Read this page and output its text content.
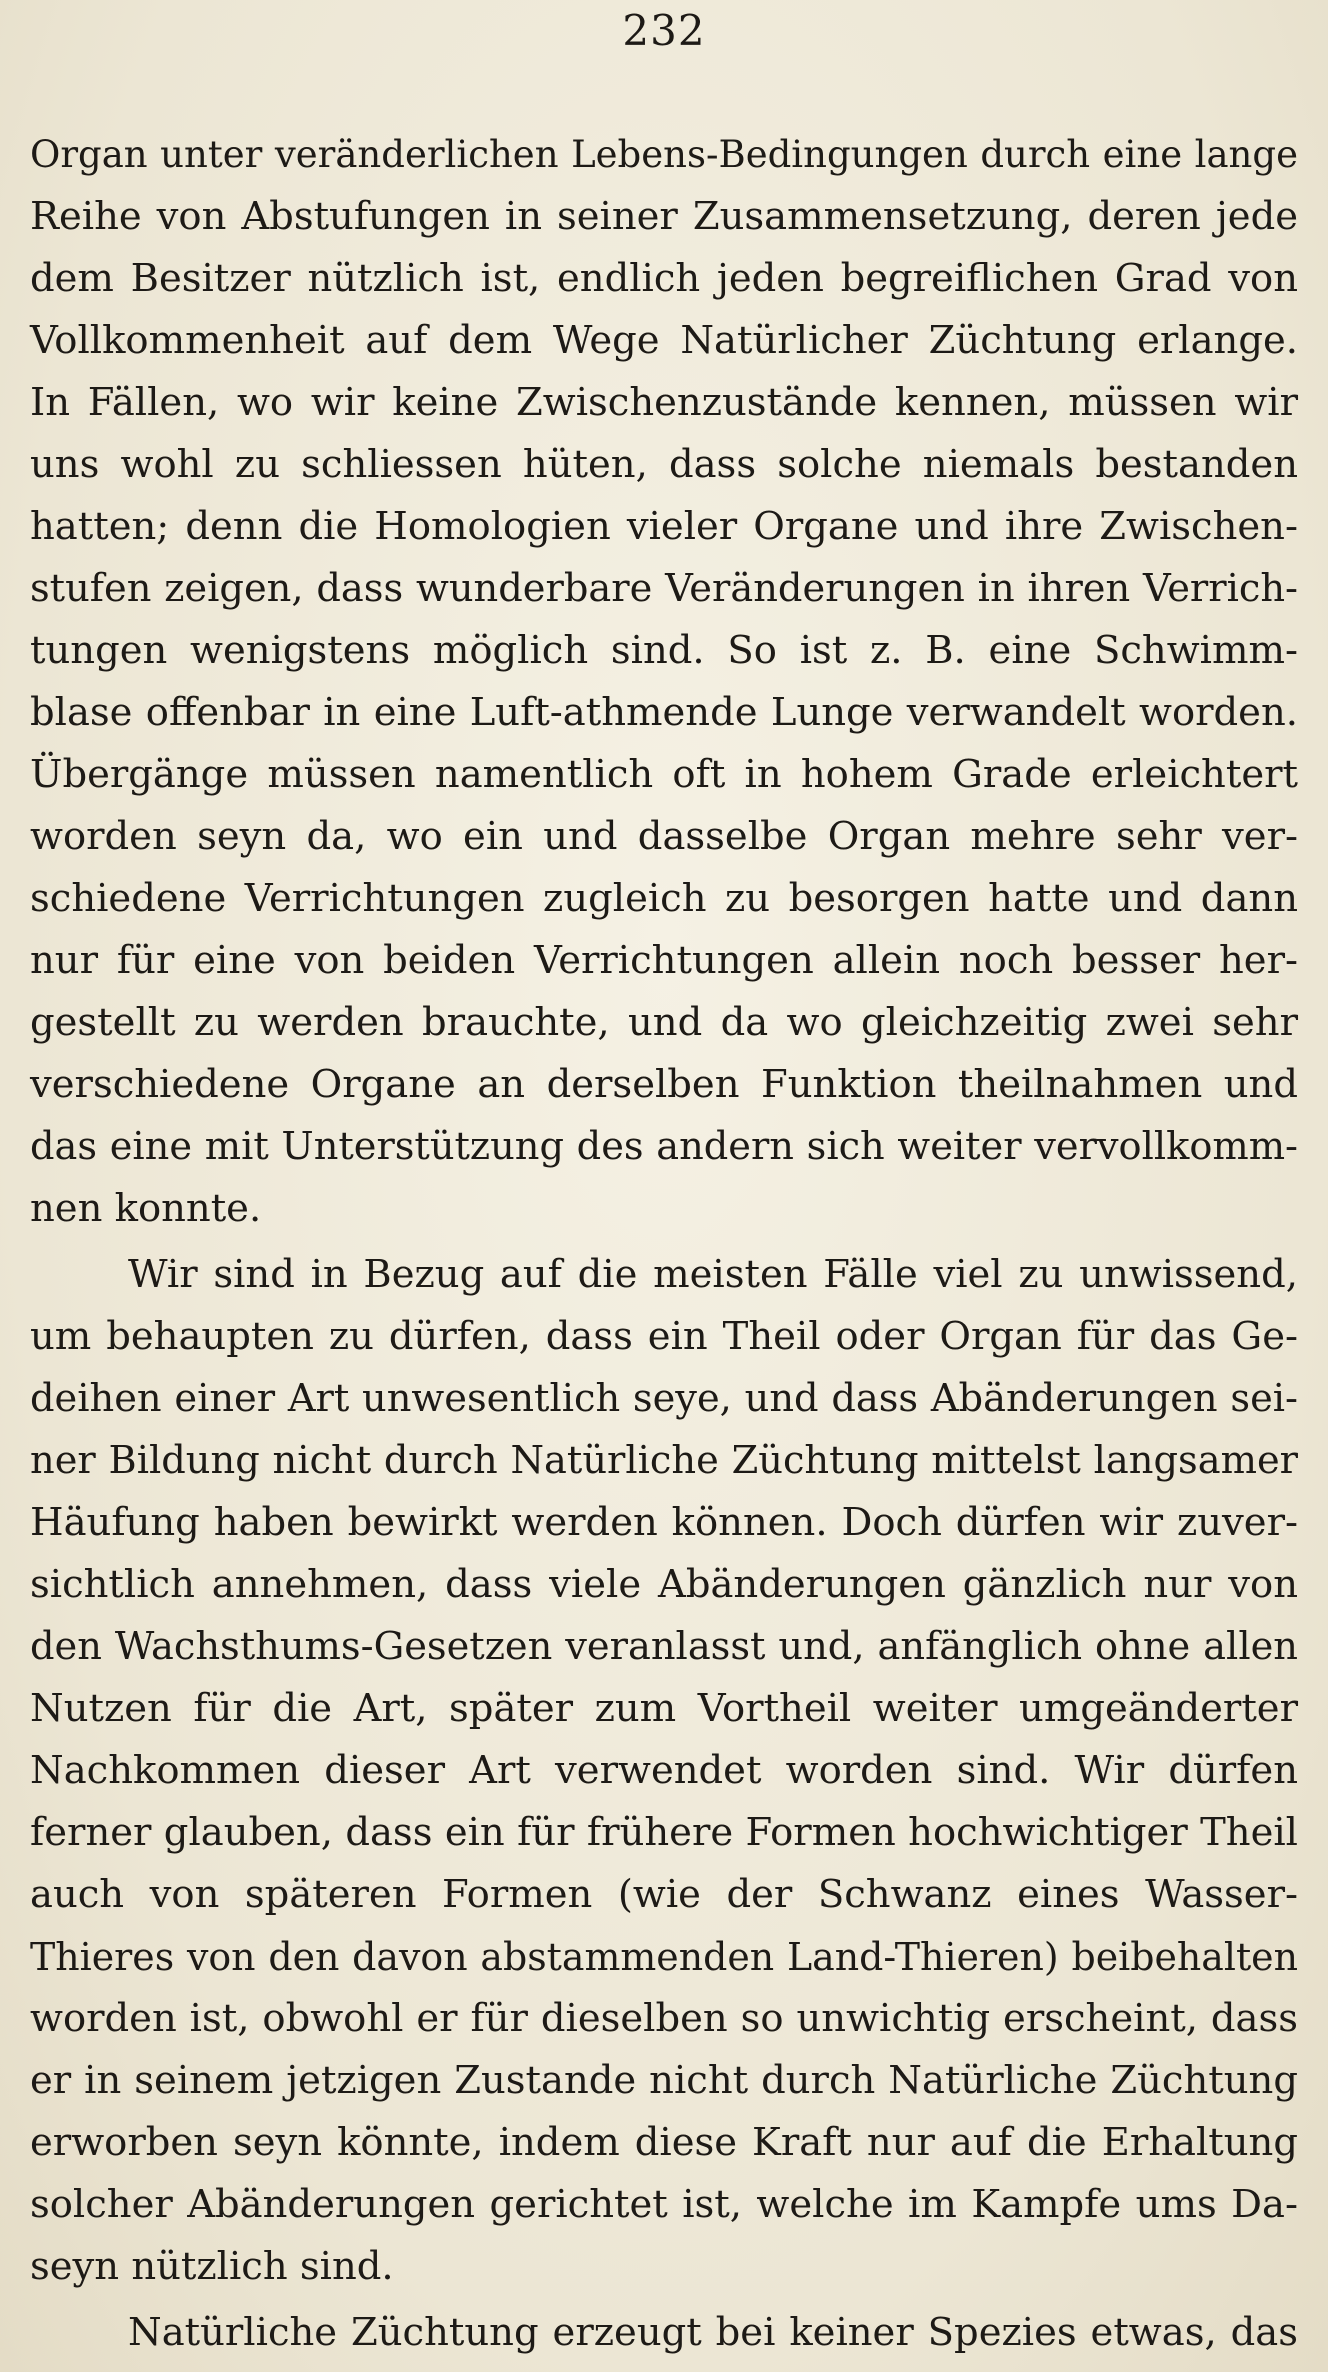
232
Organ unter veränderlichen Lebens-Bedingungen durch eine lange
Reihe von Abstufungen in seiner Zusammensetzung, deren jede
dem Besitzer nützlich ist, endlich jeden begreiflichen Grad von
Vollkommenheit auf dem Wege Natürlicher Züchtung erlange.
In Fällen, wo wir keine Zwischenzustände kennen, müssen wir
uns wohl zu schliessen hüten, dass solche niemals bestanden
hatten; denn die Homologien vieler Organe und ihre Zwischen-
stufen zeigen, dass wunderbare Veränderungen in ihren Verrich-
tungen wenigstens möglich sind. So ist z. B. eine Schwimm-
blase offenbar in eine Luft-athmende Lunge verwandelt worden.
Übergänge müssen namentlich oft in hohem Grade erleichtert
worden seyn da, wo ein und dasselbe Organ mehre sehr ver-
schiedene Verrichtungen zugleich zu besorgen hatte und dann
nur für eine von beiden Verrichtungen allein noch besser her-
gestellt zu werden brauchte, und da wo gleichzeitig zwei sehr
verschiedene Organe an derselben Funktion theilnahmen und
das eine mit Unterstützung des andern sich weiter vervollkomm-
nen konnte.
Wir sind in Bezug auf die meisten Fälle viel zu unwissend,
um behaupten zu dürfen, dass ein Theil oder Organ für das Ge-
deihen einer Art unwesentlich seye, und dass Abänderungen sei-
ner Bildung nicht durch Natürliche Züchtung mittelst langsamer
Häufung haben bewirkt werden können. Doch dürfen wir zuver-
sichtlich annehmen, dass viele Abänderungen gänzlich nur von
den Wachsthums-Gesetzen veranlasst und, anfänglich ohne allen
Nutzen für die Art, später zum Vortheil weiter umgeänderter
Nachkommen dieser Art verwendet worden sind. Wir dürfen
ferner glauben, dass ein für frühere Formen hochwichtiger Theil
auch von späteren Formen (wie der Schwanz eines Wasser-
Thieres von den davon abstammenden Land-Thieren) beibehalten
worden ist, obwohl er für dieselben so unwichtig erscheint, dass
er in seinem jetzigen Zustande nicht durch Natürliche Züchtung
erworben seyn könnte, indem diese Kraft nur auf die Erhaltung
solcher Abänderungen gerichtet ist, welche im Kampfe ums Da-
seyn nützlich sind.
Natürliche Züchtung erzeugt bei keiner Spezies etwas, das
